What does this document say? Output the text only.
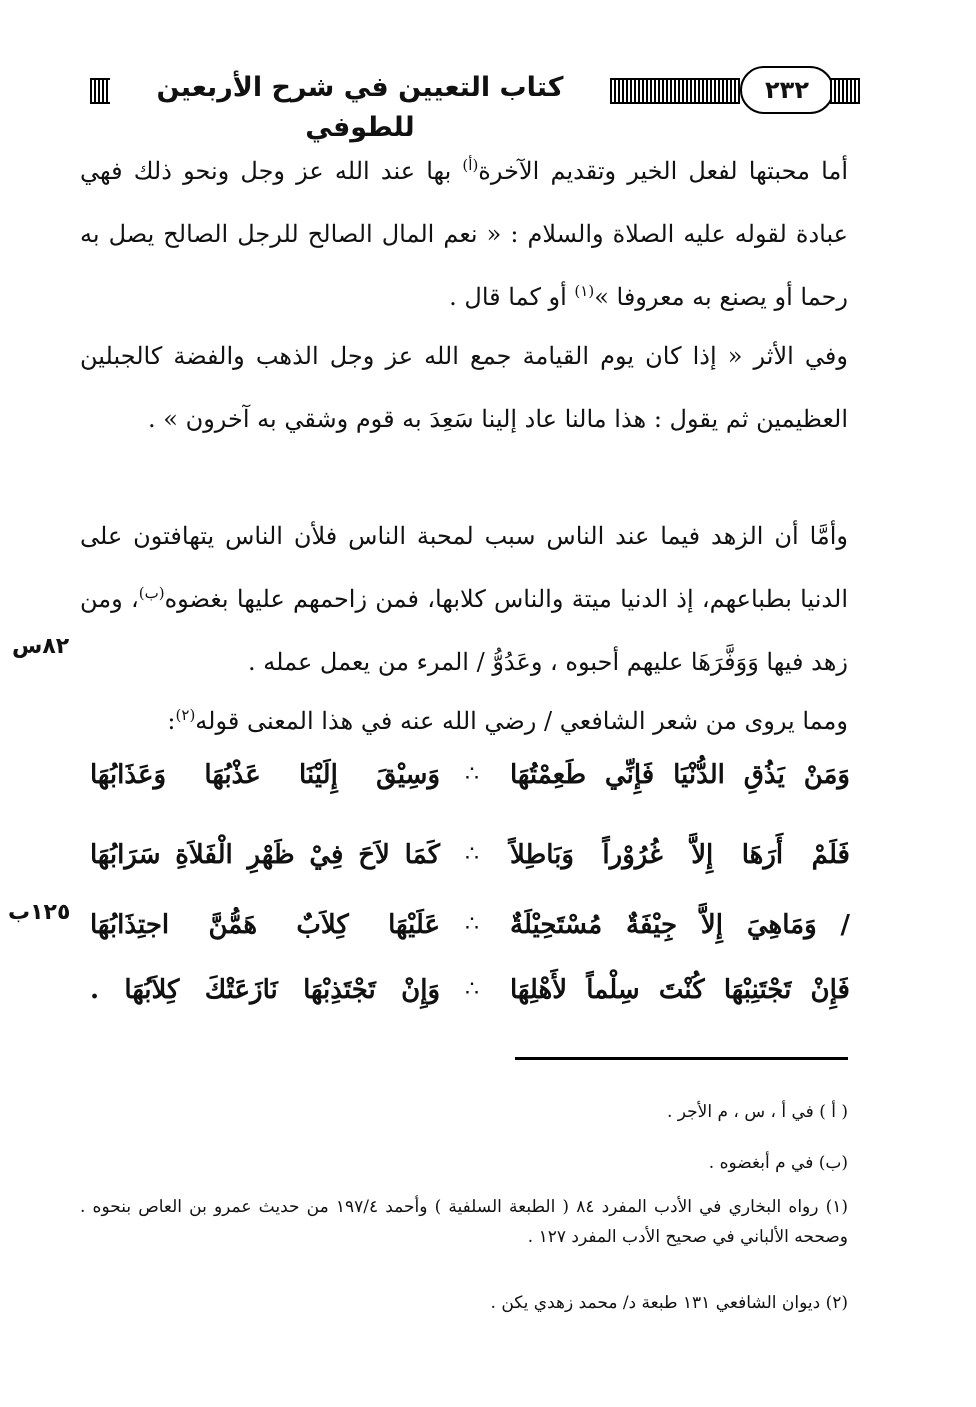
كتاب التعيين في شرح الأربعين للطوفي
٢٣٢

أما محبتها لفعل الخير وتقديم الآخرة$^{(أ)}$ بها عند الله عز وجل ونحو ذلك فهي عبادة لقوله عليه الصلاة والسلام : « نعم المال الصالح للرجل الصالح يصل به رحما أو يصنع به معروفا »$^{(١)}$ أو كما قال .

وفي الأثر « إذا كان يوم القيامة جمع الله عز وجل الذهب والفضة كالجبلين العظيمين ثم يقول : هذا مالنا عاد إلينا سَعِدَ به قوم وشقي به آخرون » .

وأمَّا أن الزهد فيما عند الناس سبب لمحبة الناس فلأن الناس يتهافتون على الدنيا بطباعهم، إذ الدنيا ميتة والناس كلابها، فمن زاحمهم عليها بغضوه$^{(ب)}$، ومن زهد فيها وَوَفَّرَهَا عليهم أحبوه ، وعَدُوُّ / المرء من يعمل عمله .

٨٢س

ومما يروى من شعر الشافعي / رضي الله عنه في هذا المعنى قوله$^{(٢)}$:

وَمَنْ يَذُقِ الدُّنْيَا فَإِنِّي طَعِمْتُهَا
∴
وَسِيْقَ إِلَيْنَا عَذْبُهَا وَعَذَابُهَا
فَلَمْ أَرَهَا إِلاَّ غُرُوْراً وَبَاطِلاً
∴
كَمَا لاَحَ فِيْ ظَهْرِ الْفَلاَةِ سَرَابُهَا
/ وَمَاهِيَ إِلاَّ جِيْفَةٌ مُسْتَحِيْلَةٌ
∴
عَلَيْهَا كِلاَبٌ هَمُّنَّ اجتِذَابُهَا
فَإِنْ تَجْتَنِبْهَا كُنْتَ سِلْماً لأَهْلِهَا
∴
وَإِنْ تَجْتَذِبْهَا نَازَعَتْكَ كِلاَبُهَا .
١٢٥ب

( أ ) في أ ، س ، م الأجر .

(ب) في م أبغضوه .

(١) رواه البخاري في الأدب المفرد ٨٤ ( الطبعة السلفية ) وأحمد ١٩٧/٤ من حديث عمرو بن العاص بنحوه . وصححه الألباني في صحيح الأدب المفرد ١٢٧ .

(٢) ديوان الشافعي ١٣١ طبعة د/ محمد زهدي يكن .
